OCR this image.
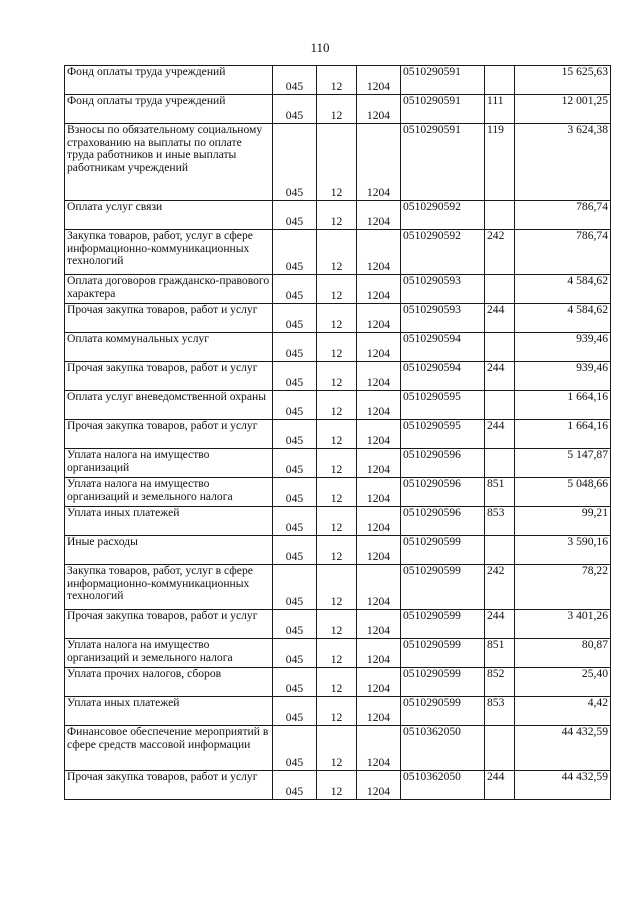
110
Фонд оплаты труда учреждений	045	12	1204	0510290591		15 625,63
Фонд оплаты труда учреждений	045	12	1204	0510290591	111	12 001,25
Взносы по обязательному социальному страхованию на выплаты по оплате труда работников и иные выплаты работникам учреждений	045	12	1204	0510290591	119	3 624,38
Оплата услуг связи	045	12	1204	0510290592		786,74
Закупка товаров, работ, услуг в сфере информационно-коммуникационных технологий	045	12	1204	0510290592	242	786,74
Оплата договоров гражданско-правового характера	045	12	1204	0510290593		4 584,62
Прочая закупка товаров, работ и услуг	045	12	1204	0510290593	244	4 584,62
Оплата коммунальных услуг	045	12	1204	0510290594		939,46
Прочая закупка товаров, работ и услуг	045	12	1204	0510290594	244	939,46
Оплата услуг вневедомственной охраны	045	12	1204	0510290595		1 664,16
Прочая закупка товаров, работ и услуг	045	12	1204	0510290595	244	1 664,16
Уплата налога на имущество организаций	045	12	1204	0510290596		5 147,87
Уплата налога на имущество организаций и земельного налога	045	12	1204	0510290596	851	5 048,66
Уплата иных платежей	045	12	1204	0510290596	853	99,21
Иные расходы	045	12	1204	0510290599		3 590,16
Закупка товаров, работ, услуг в сфере информационно-коммуникационных технологий	045	12	1204	0510290599	242	78,22
Прочая закупка товаров, работ и услуг	045	12	1204	0510290599	244	3 401,26
Уплата налога на имущество организаций и земельного налога	045	12	1204	0510290599	851	80,87
Уплата прочих налогов, сборов	045	12	1204	0510290599	852	25,40
Уплата иных платежей	045	12	1204	0510290599	853	4,42
Финансовое обеспечение мероприятий в сфере средств массовой информации	045	12	1204	0510362050		44 432,59
Прочая закупка товаров, работ и услуг	045	12	1204	0510362050	244	44 432,59
